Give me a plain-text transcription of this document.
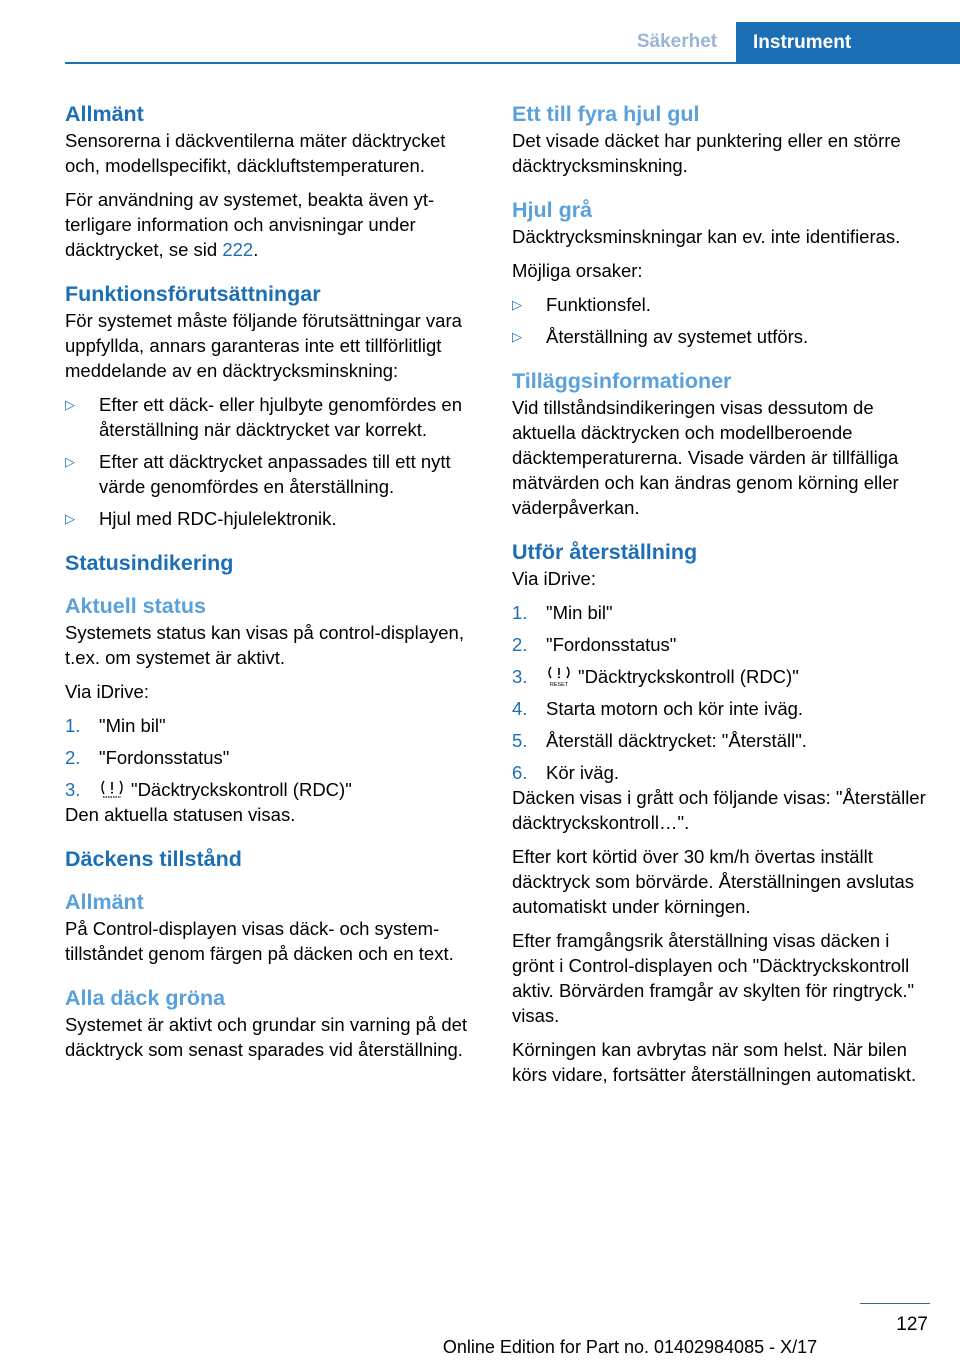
Säkerhet	Instrument
Allmänt

Sensorerna i däckventilerna mäter däcktrycket och, modellspecifikt, däckluftstemperaturen.

För användning av systemet, beakta även ytterligare information och anvisningar under däcktrycket, se sid 222.

Funktionsförutsättningar

För systemet måste följande förutsättningar vara uppfyllda, annars garanteras inte ett tillförlitligt meddelande av en däcktrycksminskning:

▷ Efter ett däck- eller hjulbyte genomfördes en återställning när däcktrycket var korrekt.
▷ Efter att däcktrycket anpassades till ett nytt värde genomfördes en återställning.
▷ Hjul med RDC-hjulelektronik.
Statusindikering
Aktuell status

Systemets status kan visas på control-displayen, t.ex. om systemet är aktivt.

Via iDrive:

1. "Min bil"
2. "Fordonsstatus"
3.	"Däcktryckskontroll (RDC)"

Den aktuella statusen visas.

Däckens tillstånd
Allmänt

På Control-displayen visas däck- och systemtillståndet genom färgen på däcken och en text.

Alla däck gröna

Systemet är aktivt och grundar sin varning på det däcktryck som senast sparades vid återställning.

Ett till fyra hjul gul

Det visade däcket har punktering eller en större däcktrycksminskning.

Hjul grå

Däcktrycksminskningar kan ev. inte identifieras.

Möjliga orsaker:

▷ Funktionsfel.
▷ Återställning av systemet utförs.
Tilläggsinformationer

Vid tillståndsindikeringen visas dessutom de aktuella däcktrycken och modellberoende däcktemperaturerna. Visade värden är tillfälliga mätvärden och kan ändras genom körning eller väderpåverkan.

Utför återställning

Via iDrive:

1. "Min bil"
2. "Fordonsstatus"
3.	RESET "Däcktryckskontroll (RDC)"
4. Starta motorn och kör inte iväg.
5. Återställ däcktrycket: "Återställ".
6. Kör iväg.

Däcken visas i grått och följande visas: "Återställer däcktryckskontroll…".

Efter kort körtid över 30 km/h övertas inställt däcktryck som börvärde. Återställningen avslutas automatiskt under körningen.

Efter framgångsrik återställning visas däcken i grönt i Control-displayen och "Däcktryckskontroll aktiv. Börvärden framgår av skylten för ringtryck." visas.

Körningen kan avbrytas när som helst. När bilen körs vidare, fortsätter återställningen automatiskt.

127
Online Edition for Part no. 01402984085 - X/17
